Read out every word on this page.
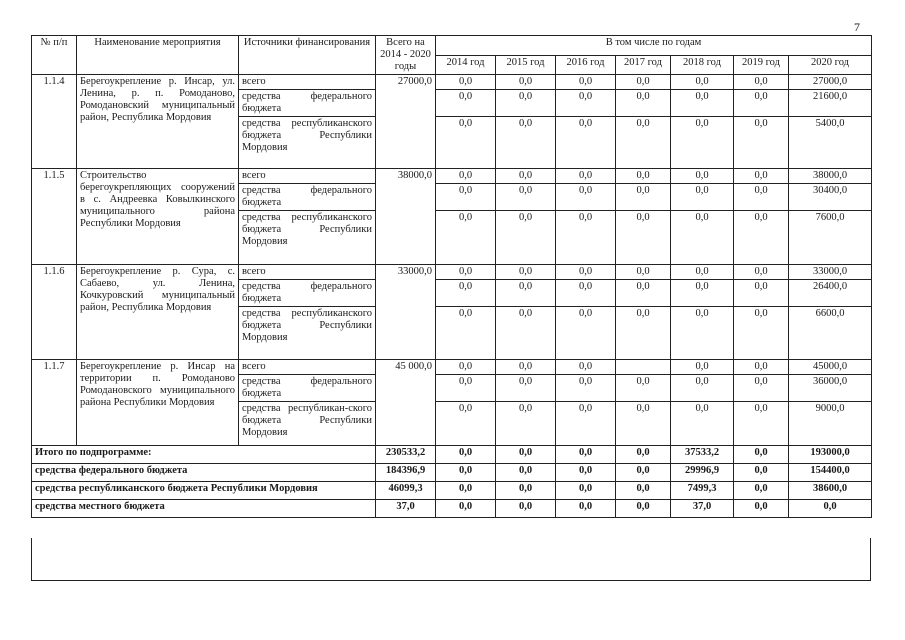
7
№ п/п	Наименование мероприятия	Источники финансирования	Всего на 2014 - 2020 годы	В том числе по годам						
				2014 год	2015 год	2016 год	2017 год	2018 год	2019 год	2020 год
1.1.4	Берегоукрепление р. Инсар, ул. Ленина, р. п. Ромоданово, Ромодановский муниципальный район, Республика Мордовия	всего	27000,0	0,0	0,0	0,0	0,0	0,0	0,0	27000,0
		средства федерального бюджета		0,0	0,0	0,0	0,0	0,0	0,0	21600,0
		средства республиканского бюджета Республики Мордовия		0,0	0,0	0,0	0,0	0,0	0,0	5400,0
1.1.5	Строительство берегоукрепляющих сооружений в с. Андреевка Ковылкинского муниципального района Республики Мордовия	всего	38000,0	0,0	0,0	0,0	0,0	0,0	0,0	38000,0
		средства федерального бюджета		0,0	0,0	0,0	0,0	0,0	0,0	30400,0
		средства республиканского бюджета Республики Мордовия		0,0	0,0	0,0	0,0	0,0	0,0	7600,0
1.1.6	Берегоукрепление р. Сура, с. Сабаево, ул. Ленина, Кочкуровский муниципальный район, Республика Мордовия	всего	33000,0	0,0	0,0	0,0	0,0	0,0	0,0	33000,0
		средства федерального бюджета		0,0	0,0	0,0	0,0	0,0	0,0	26400,0
		средства республиканского бюджета Республики Мордовия		0,0	0,0	0,0	0,0	0,0	0,0	6600,0
1.1.7	Берегоукрепление р. Инсар на территории п. Ромоданово Ромодановского муниципального района Республики Мордовия	всего	45 000,0	0,0	0,0	0,0		0,0	0,0	45000,0
		средства федерального бюджета		0,0	0,0	0,0	0,0	0,0	0,0	36000,0
		средства республикан-ского бюджета Республики Мордовия		0,0	0,0	0,0	0,0	0,0	0,0	9000,0
Итого по подпрограмме:			230533,2	0,0	0,0	0,0	0,0	37533,2	0,0	193000,0
средства федерального бюджета			184396,9	0,0	0,0	0,0	0,0	29996,9	0,0	154400,0
средства республиканского бюджета Республики Мордовия			46099,3	0,0	0,0	0,0	0,0	7499,3	0,0	38600,0
средства местного бюджета			37,0	0,0	0,0	0,0	0,0	37,0	0,0	0,0
